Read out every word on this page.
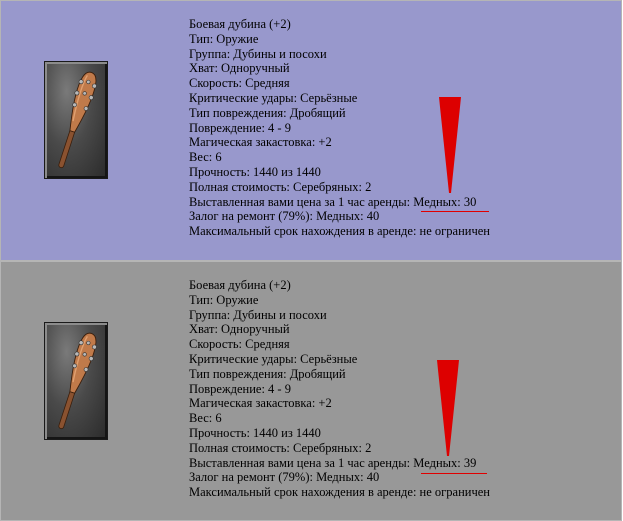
Боевая дубина (+2)
Тип: Оружие
Группа: Дубины и посохи
Хват: Одноручный
Скорость: Средняя
Критические удары: Серьёзные
Тип повреждения: Дробящий
Повреждение: 4 - 9
Магическая закастовка: +2
Вес: 6
Прочность: 1440 из 1440
Полная стоимость: Серебряных: 2
Выставленная вами цена за 1 час аренды: Медных: 30
Залог на ремонт (79%): Медных: 40
Максимальный срок нахождения в аренде: не ограничен
Боевая дубина (+2)
Тип: Оружие
Группа: Дубины и посохи
Хват: Одноручный
Скорость: Средняя
Критические удары: Серьёзные
Тип повреждения: Дробящий
Повреждение: 4 - 9
Магическая закастовка: +2
Вес: 6
Прочность: 1440 из 1440
Полная стоимость: Серебряных: 2
Выставленная вами цена за 1 час аренды: Медных: 39
Залог на ремонт (79%): Медных: 40
Максимальный срок нахождения в аренде: не ограничен
